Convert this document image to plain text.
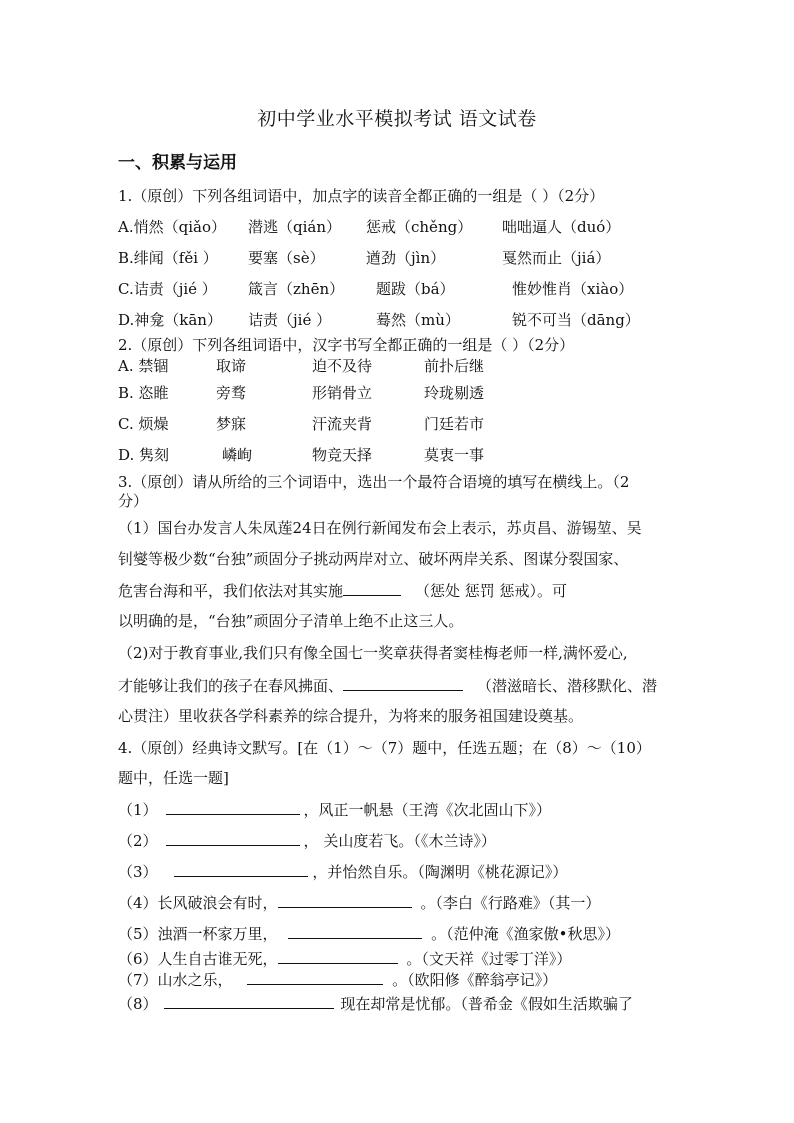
初中学业水平模拟考试 语文试卷
一、积累与运用
1.（原创）下列各组词语中，加点字的读音全都正确的一组是（ ）（2分）
A.悄然（qiǎo） 潜逃（qián） 惩戒（chěng） 咄咄逼人（duó）
B.绯闻（fěi ） 要塞（sè）	遒劲（jìn）	戛然而止（jiá）
C.诘责（jié ） 箴言（zhēn） 题跋（bá）	惟妙惟肖（xiào）
D.神龛（kān） 诘责（jié ）	蓦然（mù）	锐不可当（dāng）
2.（原创）下列各组词语中，汉字书写全都正确的一组是（ ）（2分）
A. 禁锢	取谛	迫不及待	前扑后继
B. 恣睢	旁骛	形销骨立	玲珑剔透
C. 烦燥	梦寐	汗流夹背	门廷若市
D. 隽刻	嶙峋	物竞天择	莫衷一事
3.（原创）请从所给的三个词语中，选出一个最符合语境的填写在横线上。（2
分）
（1）国台办发言人朱凤莲24日在例行新闻发布会上表示，苏贞昌、游锡堃、吴
钊燮等极少数“台独”顽固分子挑动两岸对立、破坏两岸关系、图谋分裂国家、
危害台海和平，我们依法对其实施	（惩处 惩罚 惩戒）。可
以明确的是，“台独”顽固分子清单上绝不止这三人。
（2)对于教育事业,我们只有像全国七一奖章获得者窦桂梅老师一样,满怀爱心,
才能够让我们的孩子在春风拂面、	（潜滋暗长、潜移默化、潜
心贯注）里收获各学科素养的综合提升，为将来的服务祖国建设奠基。
4.（原创）经典诗文默写。[在（1）～（7）题中，任选五题；在（8）～（10）
题中，任选一题]
（1）	，风正一帆悬（王湾《次北固山下》）
（2）	， 关山度若飞。（《木兰诗》）
（3）	，并怡然自乐。（陶渊明《桃花源记》）
（4）长风破浪会有时，	。（李白《行路难》（其一）
（5）浊酒一杯家万里，	。（范仲淹《渔家傲•秋思》）
（6）人生自古谁无死，	。（文天祥《过零丁洋》）
（7）山水之乐，	。（欧阳修《醉翁亭记》）
（8）	现在却常是忧郁。（普希金《假如生活欺骗了
